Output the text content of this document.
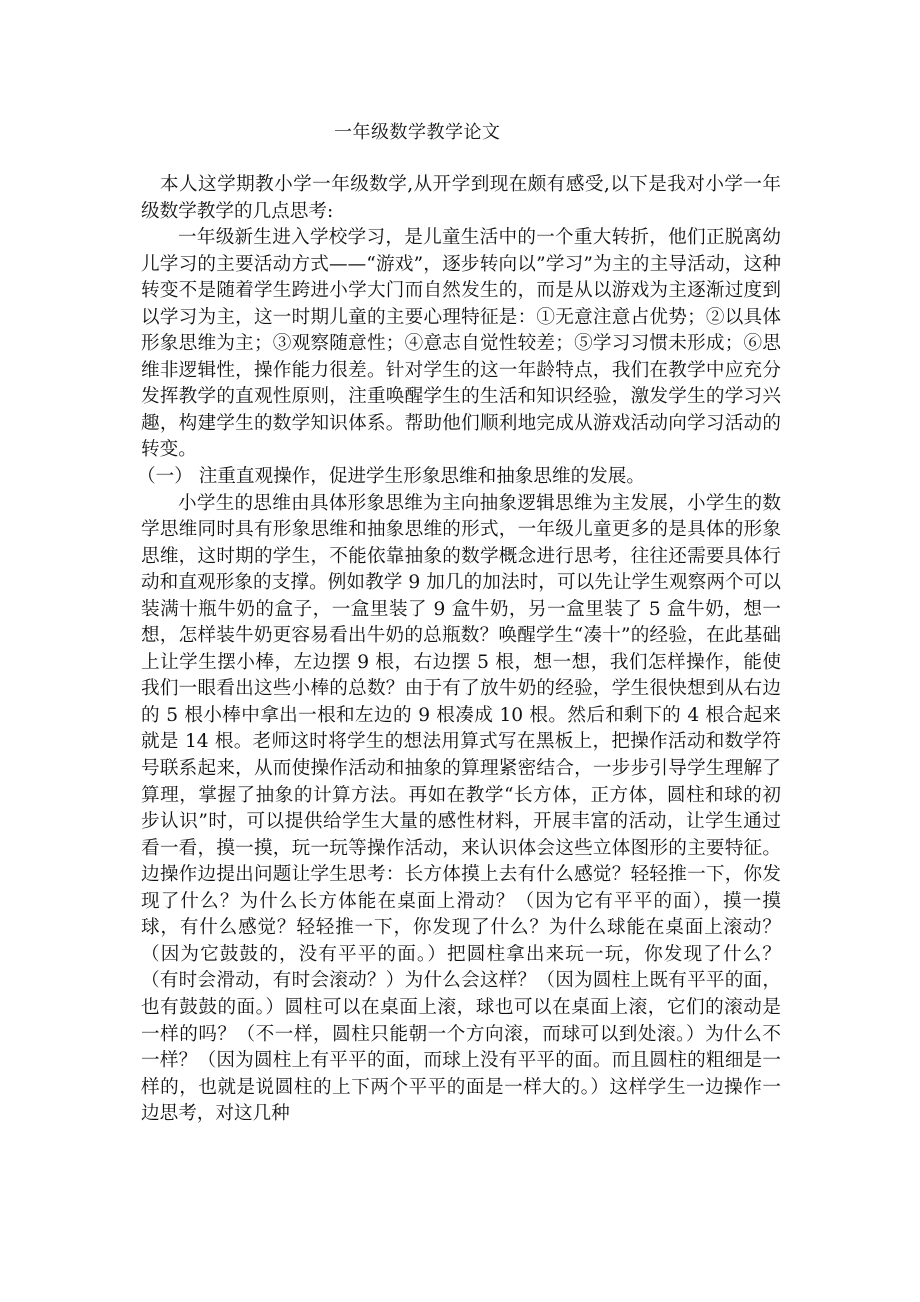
一年级数学教学论文

本人这学期教小学一年级数学,从开学到现在颇有感受,以下是我对小学一年级数学教学的几点思考:

一年级新生进入学校学习，是儿童生活中的一个重大转折，他们正脱离幼儿学习的主要活动方式——“游戏”，逐步转向以”学习”为主的主导活动，这种转变不是随着学生跨进小学大门而自然发生的，而是从以游戏为主逐渐过度到以学习为主，这一时期儿童的主要心理特征是：①无意注意占优势；②以具体形象思维为主；③观察随意性；④意志自觉性较差；⑤学习习惯未形成；⑥思维非逻辑性，操作能力很差。针对学生的这一年龄特点，我们在教学中应充分发挥教学的直观性原则，注重唤醒学生的生活和知识经验，激发学生的学习兴趣，构建学生的数学知识体系。帮助他们顺利地完成从游戏活动向学习活动的转变。

（一） 注重直观操作，促进学生形象思维和抽象思维的发展。

小学生的思维由具体形象思维为主向抽象逻辑思维为主发展，小学生的数学思维同时具有形象思维和抽象思维的形式，一年级儿童更多的是具体的形象思维，这时期的学生，不能依靠抽象的数学概念进行思考，往往还需要具体行动和直观形象的支撑。例如教学 9 加几的加法时，可以先让学生观察两个可以装满十瓶牛奶的盒子，一盒里装了 9 盒牛奶，另一盒里装了 5 盒牛奶，想一想，怎样装牛奶更容易看出牛奶的总瓶数？唤醒学生“凑十”的经验，在此基础上让学生摆小棒，左边摆 9 根，右边摆 5 根，想一想，我们怎样操作，能使我们一眼看出这些小棒的总数？由于有了放牛奶的经验，学生很快想到从右边的 5 根小棒中拿出一根和左边的 9 根凑成 10 根。然后和剩下的 4 根合起来就是 14 根。老师这时将学生的想法用算式写在黑板上，把操作活动和数学符号联系起来，从而使操作活动和抽象的算理紧密结合，一步步引导学生理解了算理，掌握了抽象的计算方法。再如在教学“长方体，正方体，圆柱和球的初步认识”时，可以提供给学生大量的感性材料，开展丰富的活动，让学生通过看一看，摸一摸，玩一玩等操作活动，来认识体会这些立体图形的主要特征。边操作边提出问题让学生思考：长方体摸上去有什么感觉？轻轻推一下，你发现了什么？为什么长方体能在桌面上滑动？（因为它有平平的面），摸一摸球，有什么感觉？轻轻推一下，你发现了什么？为什么球能在桌面上滚动？（因为它鼓鼓的，没有平平的面。）把圆柱拿出来玩一玩，你发现了什么？（有时会滑动，有时会滚动？）为什么会这样？（因为圆柱上既有平平的面，也有鼓鼓的面。）圆柱可以在桌面上滚，球也可以在桌面上滚，它们的滚动是一样的吗？（不一样，圆柱只能朝一个方向滚，而球可以到处滚。）为什么不一样？（因为圆柱上有平平的面，而球上没有平平的面。而且圆柱的粗细是一样的，也就是说圆柱的上下两个平平的面是一样大的。）这样学生一边操作一边思考，对这几种
